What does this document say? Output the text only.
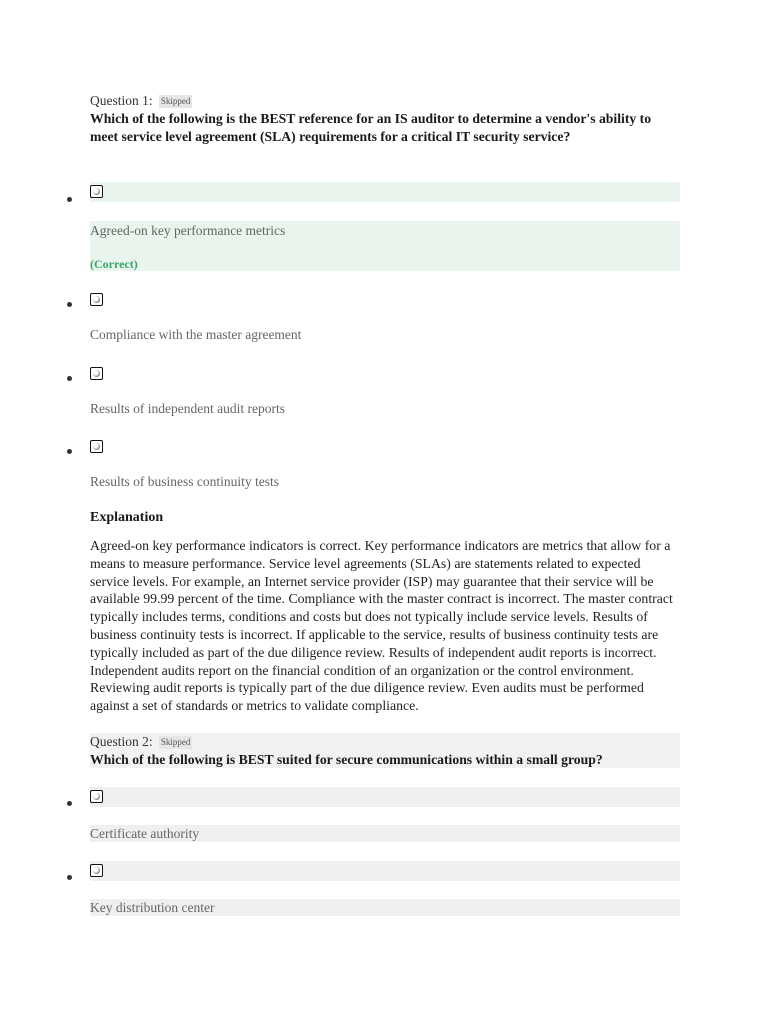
Question 1: Skipped
Which of the following is the BEST reference for an IS auditor to determine a vendor's ability to meet service level agreement (SLA) requirements for a critical IT security service?
Agreed-on key performance metrics
(Correct)
Compliance with the master agreement
Results of independent audit reports
Results of business continuity tests
Explanation
Agreed-on key performance indicators is correct. Key performance indicators are metrics that allow for a means to measure performance. Service level agreements (SLAs) are statements related to expected service levels. For example, an Internet service provider (ISP) may guarantee that their service will be available 99.99 percent of the time. Compliance with the master contract is incorrect. The master contract typically includes terms, conditions and costs but does not typically include service levels. Results of business continuity tests is incorrect. If applicable to the service, results of business continuity tests are typically included as part of the due diligence review. Results of independent audit reports is incorrect. Independent audits report on the financial condition of an organization or the control environment. Reviewing audit reports is typically part of the due diligence review. Even audits must be performed against a set of standards or metrics to validate compliance.
Question 2: Skipped
Which of the following is BEST suited for secure communications within a small group?
Certificate authority
Key distribution center
